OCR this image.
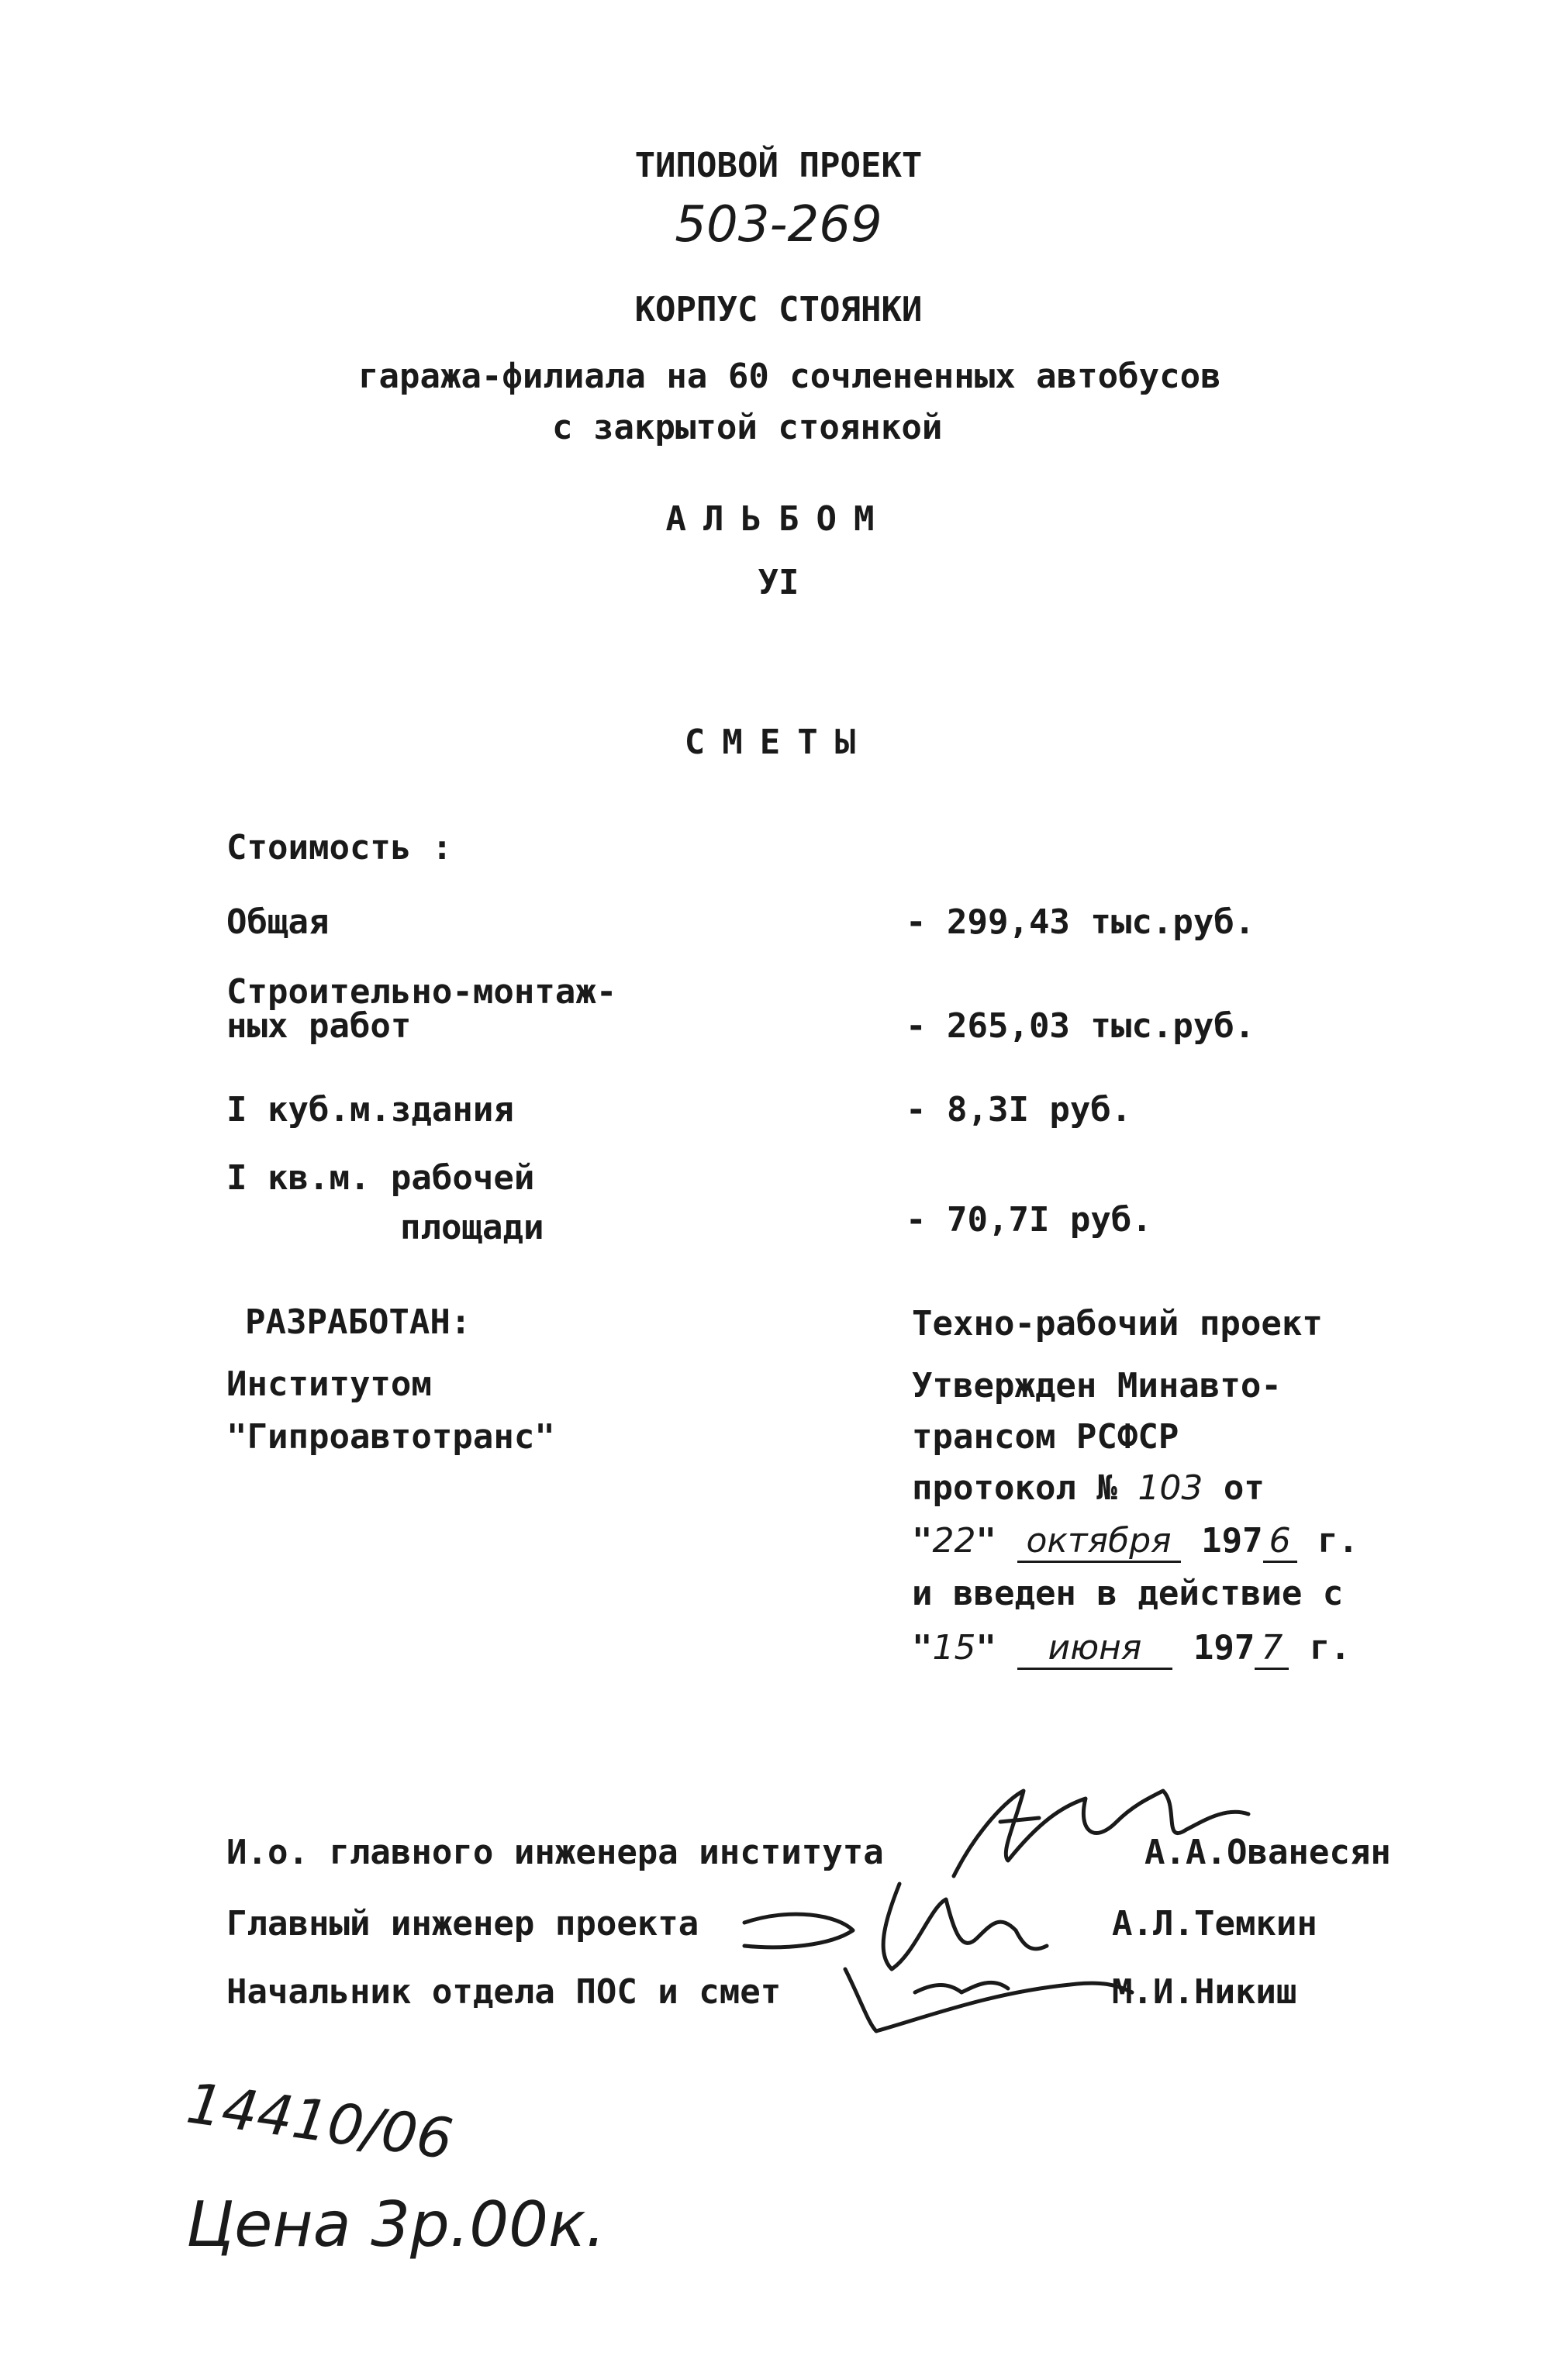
ТИПОВОЙ ПРОЕКТ
503-269
КОРПУС СТОЯНКИ
гаража-филиала на 60 сочлененных автобусов
с закрытой стоянкой
АЛЬБОМ
УI
СМЕТЫ
Стоимость :
Общая	- 299,43 тыс.руб.
Строительно-монтаж-
ных работ	- 265,03 тыс.руб.
I куб.м.здания	- 8,3I руб.
I кв.м. рабочей
площади	- 70,7I руб.
РАЗРАБОТАН:
Институтом
"Гипроавтотранс"
Техно-рабочий проект
Утвержден Минавто-
трансом РСФСР
протокол № 103 от
"22" октября 197 6 г.
и введен в действие с
"15" июня 197 7 г.
И.о. главного инженера института	А.А.Ованесян
Главный инженер проекта	А.Л.Темкин
Начальник отдела ПОС и смет	М.И.Никиш
14410/06
Цена 3р.00к.
